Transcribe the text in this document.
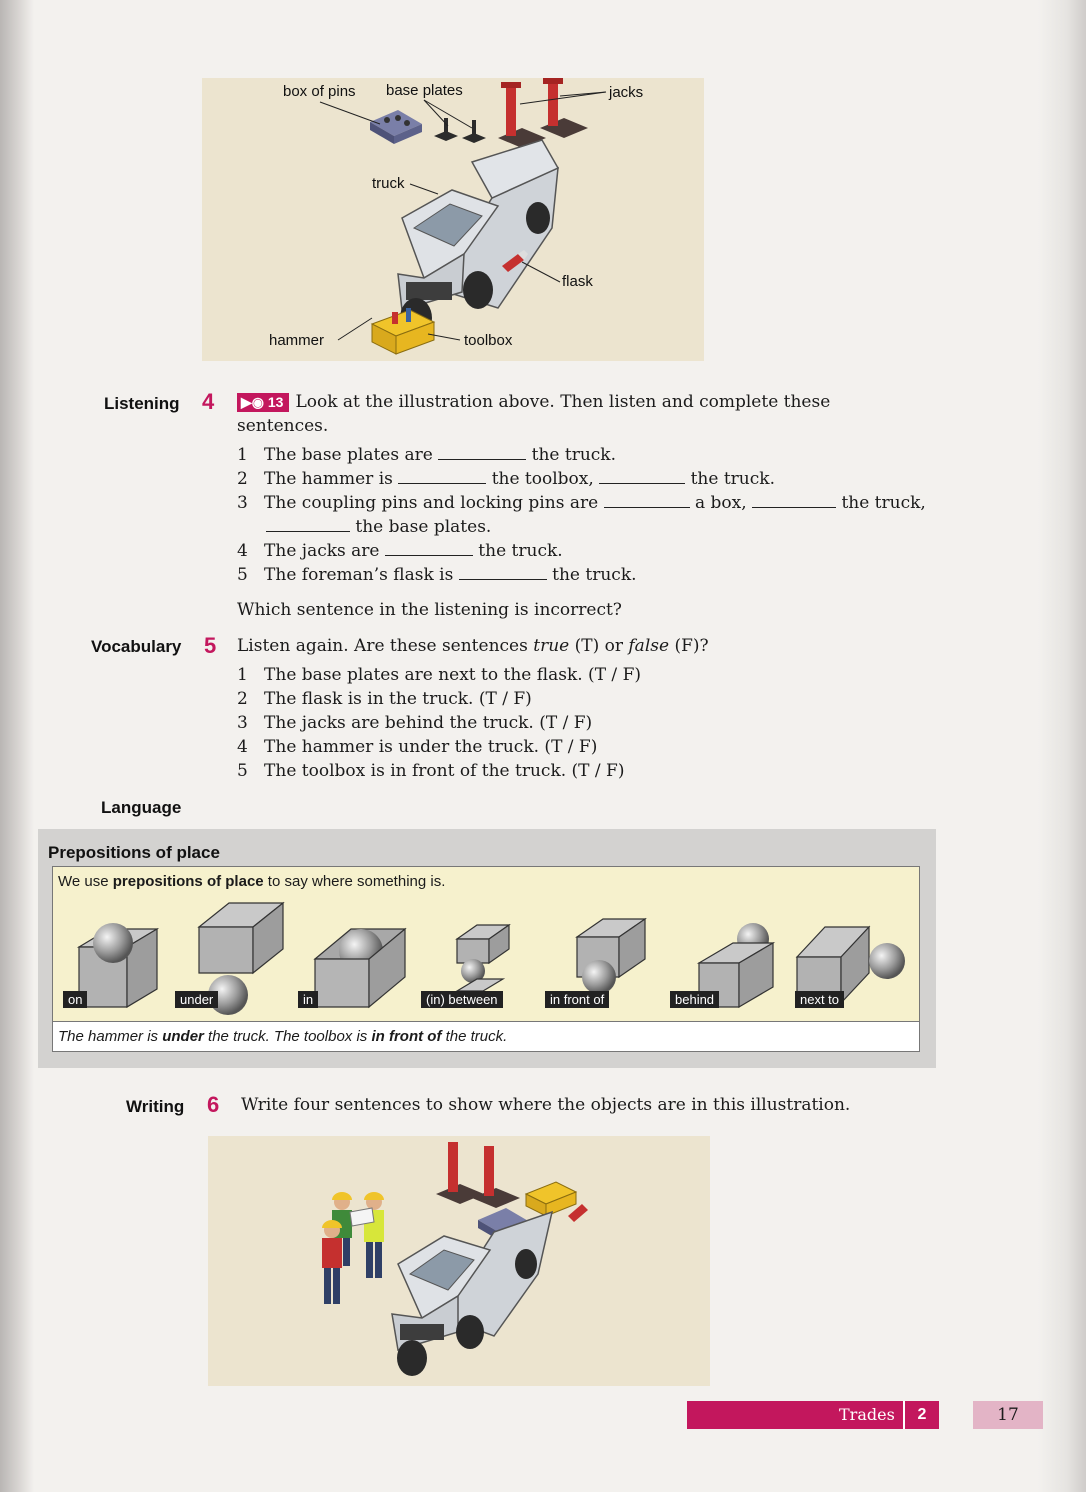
box of pins base plates	jacks
truck
flask
hammer	toolbox
Listening 4 ▶◉ 13 Look at the illustration above. Then listen and complete these
sentences.
1 The base plates are	the truck.
2 The hammer is	the toolbox,	the truck.
3 The coupling pins and locking pins are	a box,	the truck,
the base plates.
4 The jacks are	the truck.
5 The foreman’s flask is	the truck.
Which sentence in the listening is incorrect?
Vocabulary 5 Listen again. Are these sentences true (T) or false (F)?
1 The base plates are next to the flask. (T / F)
2 The flask is in the truck. (T / F)
3 The jacks are behind the truck. (T / F)
4 The hammer is under the truck. (T / F)
5 The toolbox is in front of the truck. (T / F)
Language
Prepositions of place
We use prepositions of place to say where something is.
on	under	in	(in) between	in front of	behind	next to
The hammer is under the truck. The toolbox is in front of the truck.
Writing 6 Write four sentences to show where the objects are in this illustration.
Trades	2	17
